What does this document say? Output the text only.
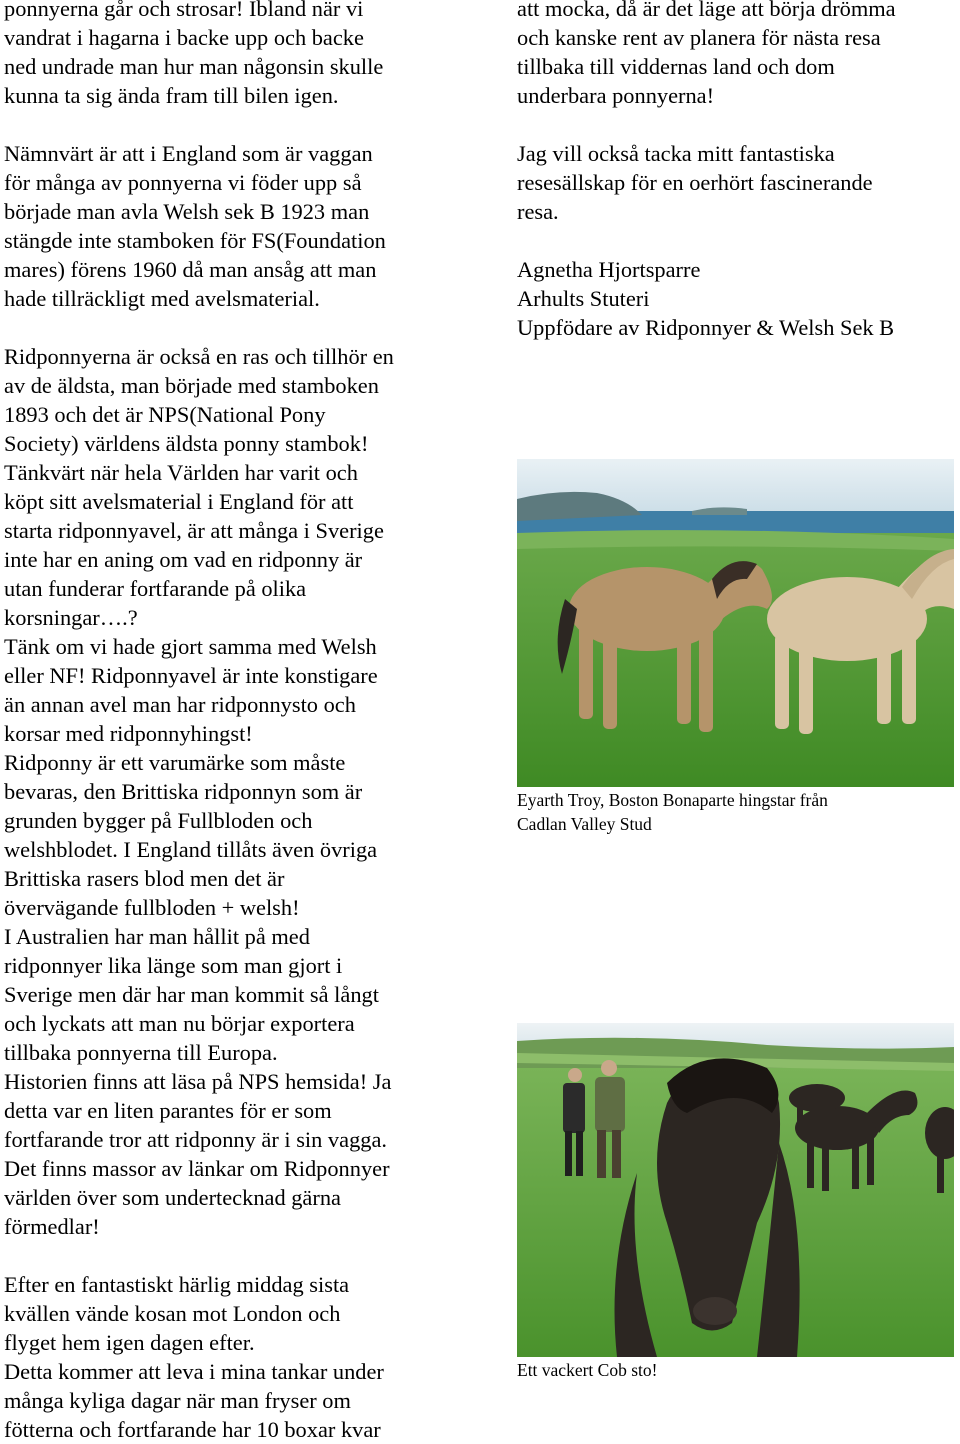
ponnyerna går och strosar! Ibland när vi
vandrat i hagarna i backe upp och backe
ned undrade man hur man någonsin skulle
kunna ta sig ända fram till bilen igen.

Nämnvärt är att i England som är vaggan
för många av ponnyerna vi föder upp så
började man avla Welsh sek B 1923 man
stängde inte stamboken för FS(Foundation
mares) förens 1960 då man ansåg att man
hade tillräckligt med avelsmaterial.

Ridponnyerna är också en ras och tillhör en
av de äldsta, man började med stamboken
1893 och det är NPS(National Pony
Society) världens äldsta ponny stambok!
Tänkvärt när hela Världen har varit och
köpt sitt avelsmaterial i England för att
starta ridponnyavel, är att många i Sverige
inte har en aning om vad en ridponny är
utan funderar fortfarande på olika
korsningar….?
Tänk om vi hade gjort samma med Welsh
eller NF! Ridponnyavel är inte konstigare
än annan avel man har ridponnysto och
korsar med ridponnyhingst!
Ridponny är ett varumärke som måste
bevaras, den Brittiska ridponnyn som är
grunden bygger på Fullbloden och
welshblodet. I England tillåts även övriga
Brittiska rasers blod men det är
övervägande fullbloden + welsh!
I Australien har man hållit på med
ridponnyer lika länge som man gjort i
Sverige men där har man kommit så långt
och lyckats att man nu börjar exportera
tillbaka ponnyerna till Europa.
Historien finns att läsa på NPS hemsida! Ja
detta var en liten parantes för er som
fortfarande tror att ridponny är i sin vagga.
Det finns massor av länkar om Ridponnyer
världen över som undertecknad gärna
förmedlar!

Efter en fantastiskt härlig middag sista
kvällen vände kosan mot London och
flyget hem igen dagen efter.
Detta kommer att leva i mina tankar under
många kyliga dagar när man fryser om
fötterna och fortfarande har 10 boxar kvar

att mocka, då är det läge att börja drömma
och kanske rent av planera för nästa resa
tillbaka till viddernas land och dom
underbara ponnyerna!

Jag vill också tacka mitt fantastiska
resesällskap för en oerhört fascinerande
resa.

Agnetha Hjortsparre
Arhults Stuteri
Uppfödare av Ridponnyer & Welsh Sek B

Eyarth Troy, Boston Bonaparte hingstar från
Cadlan Valley Stud
Ett vackert Cob sto!
